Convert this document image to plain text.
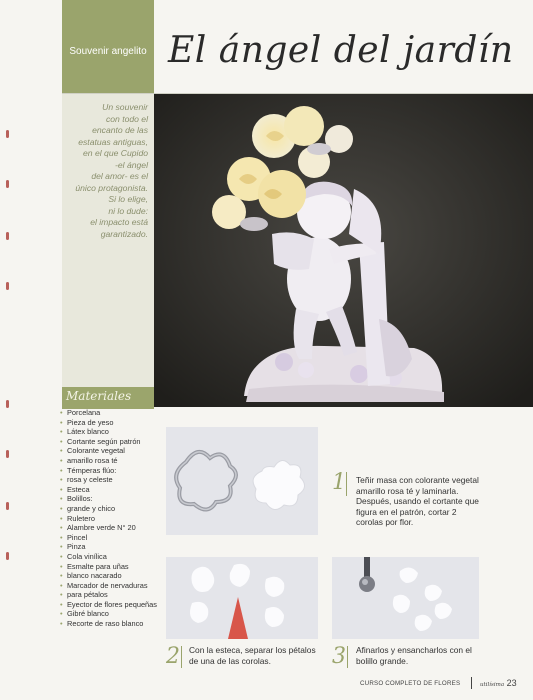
Souvenir angelito El ángel del jardín
Un souvenir
con todo el
encanto de las
estatuas antiguas,
en el que Cupido
-el ángel
del amor- es el
único protagonista.
Si lo elige,
ni lo dude:
el impacto está
garantizado.
Materiales
• Porcelana
• Pieza de yeso
• Látex blanco
• Cortante según patrón
• Colorante vegetal
• amarillo rosa té
• Témperas flúo:
• rosa y celeste
• Esteca
• Bolillos:
• grande y chico
• Ruletero
• Alambre verde N° 20
• Pincel
• Pinza
• Cola vinílica
• Esmalte para uñas
• blanco nacarado
• Marcador de nervaduras
• para pétalos
• Eyector de flores pequeñas
• Gibré blanco
• Recorte de raso blanco
1 Teñir masa con colorante vegetal amarillo rosa té y laminarla. Después, usando el cortante que figura en el patrón, cortar 2 corolas por flor.
2 Con la esteca, separar los pétalos de una de las corolas.	3 Afinarlos y ensancharlos con el bolillo grande.
CURSO COMPLETO DE FLORES	utilísima 23
